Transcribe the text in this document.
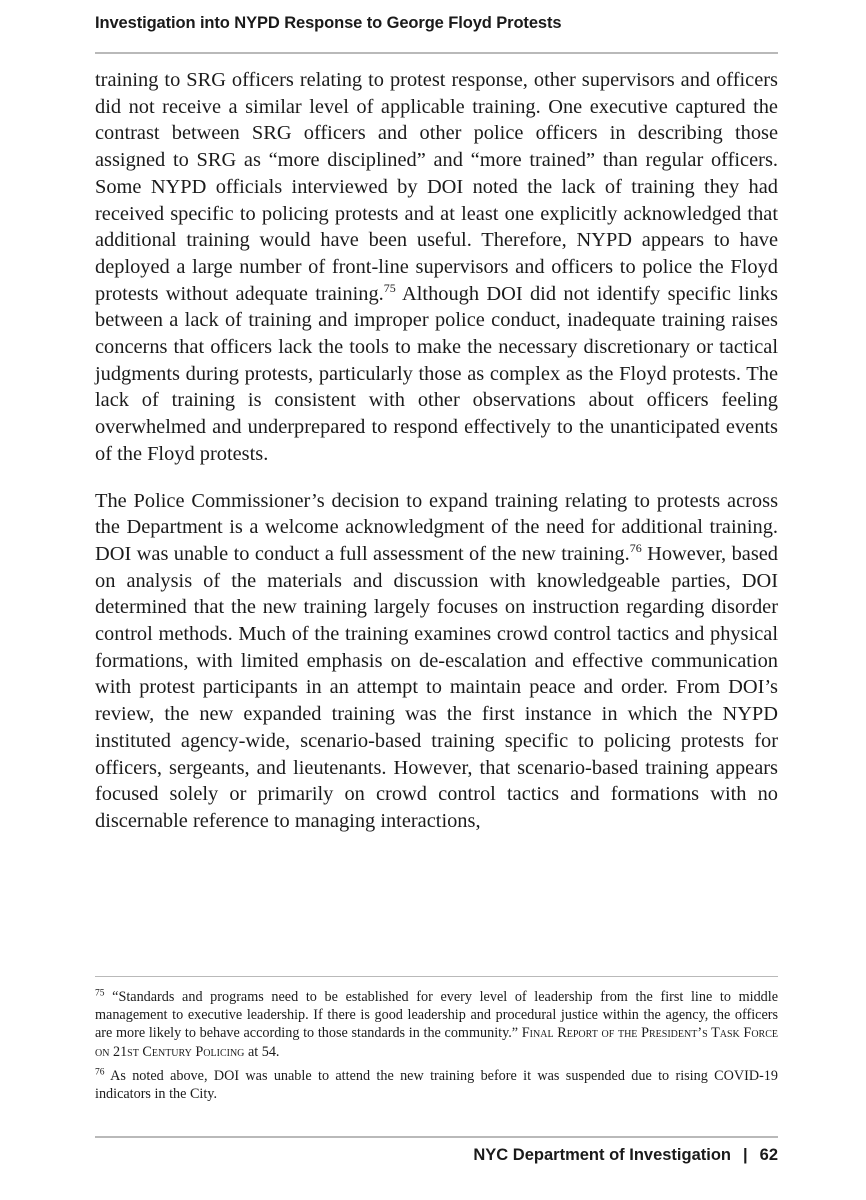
Investigation into NYPD Response to George Floyd Protests

training to SRG officers relating to protest response, other supervisors and officers did not receive a similar level of applicable training. One executive captured the contrast between SRG officers and other police officers in describing those assigned to SRG as “more disciplined” and “more trained” than regular officers. Some NYPD officials interviewed by DOI noted the lack of training they had received specific to policing protests and at least one explicitly acknowledged that additional training would have been useful. Therefore, NYPD appears to have deployed a large number of front-line supervisors and officers to police the Floyd protests without adequate training.$^{75}$ Although DOI did not identify specific links between a lack of training and improper police conduct, inadequate training raises concerns that officers lack the tools to make the necessary discretionary or tactical judgments during protests, particularly those as complex as the Floyd protests. The lack of training is consistent with other observations about officers feeling overwhelmed and underprepared to respond effectively to the unanticipated events of the Floyd protests.

The Police Commissioner’s decision to expand training relating to protests across the Department is a welcome acknowledgment of the need for additional training. DOI was unable to conduct a full assessment of the new training.$^{76}$ However, based on analysis of the materials and discussion with knowledgeable parties, DOI determined that the new training largely focuses on instruction regarding disorder control methods. Much of the training examines crowd control tactics and physical formations, with limited emphasis on de-escalation and effective communication with protest participants in an attempt to maintain peace and order. From DOI’s review, the new expanded training was the first instance in which the NYPD instituted agency-wide, scenario-based training specific to policing protests for officers, sergeants, and lieutenants. However, that scenario-based training appears focused solely or primarily on crowd control tactics and formations with no discernable reference to managing interactions,

$^{75}$ “Standards and programs need to be established for every level of leadership from the first line to middle management to executive leadership. If there is good leadership and procedural justice within the agency, the officers are more likely to behave according to those standards in the community.” Final Report of the President’s Task Force on 21st Century Policing at 54.

$^{76}$ As noted above, DOI was unable to attend the new training before it was suspended due to rising COVID-19 indicators in the City.

NYC Department of Investigation | 62
